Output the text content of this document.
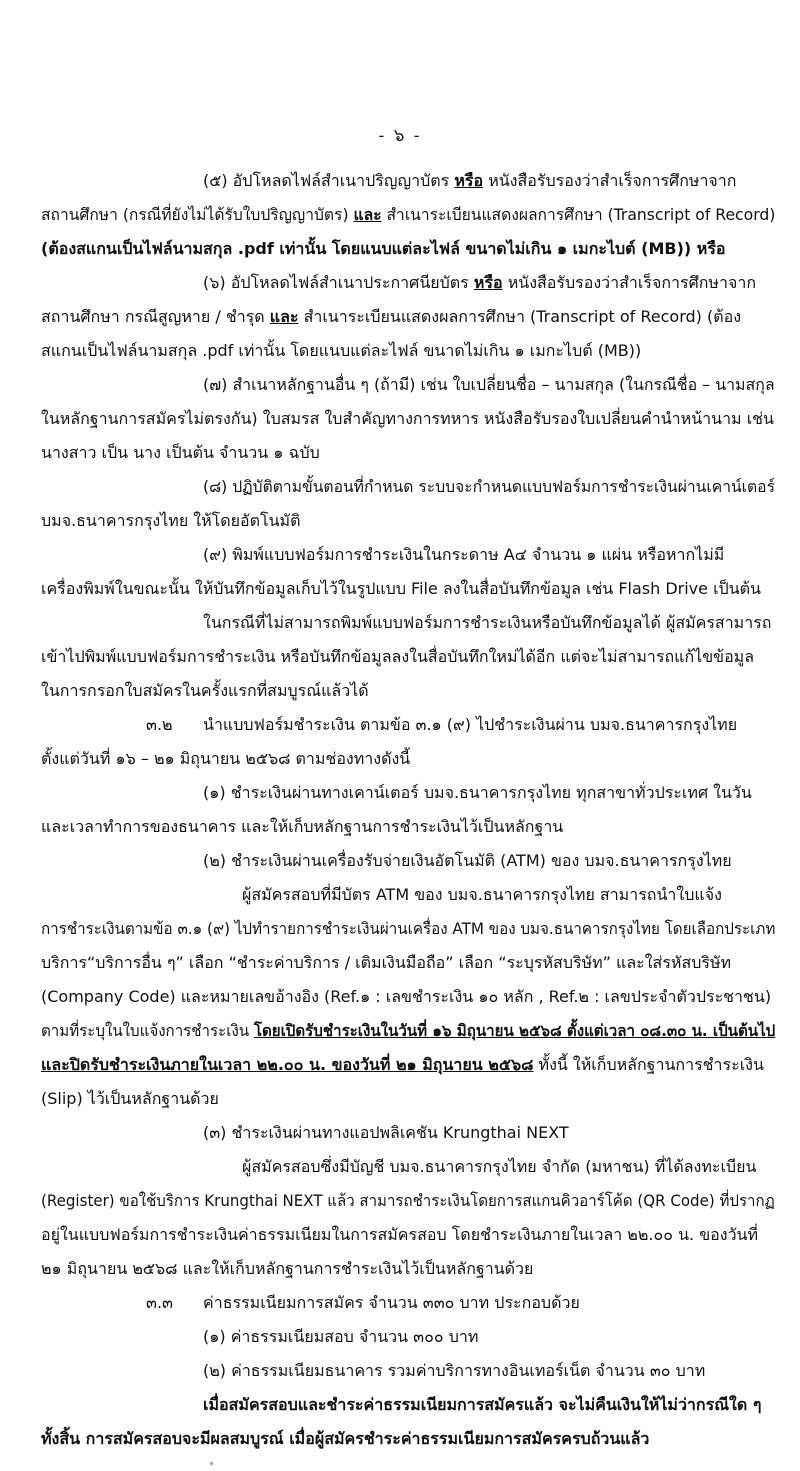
- ๖ -
(๕) อัปโหลดไฟล์สำเนาปริญญาบัตร หรือ หนังสือรับรองว่าสำเร็จการศึกษาจาก
สถานศึกษา (กรณีที่ยังไม่ได้รับใบปริญญาบัตร) และ สำเนาระเบียนแสดงผลการศึกษา (Transcript of Record)
(ต้องสแกนเป็นไฟล์นามสกุล .pdf เท่านั้น โดยแนบแต่ละไฟล์ ขนาดไม่เกิน ๑ เมกะไบต์ (MB)) หรือ
(๖) อัปโหลดไฟล์สำเนาประกาศนียบัตร หรือ หนังสือรับรองว่าสำเร็จการศึกษาจาก
สถานศึกษา กรณีสูญหาย / ชำรุด และ สำเนาระเบียนแสดงผลการศึกษา (Transcript of Record) (ต้อง
สแกนเป็นไฟล์นามสกุล .pdf เท่านั้น โดยแนบแต่ละไฟล์ ขนาดไม่เกิน ๑ เมกะไบต์ (MB))
(๗) สำเนาหลักฐานอื่น ๆ (ถ้ามี) เช่น ใบเปลี่ยนชื่อ – นามสกุล (ในกรณีชื่อ – นามสกุล
ในหลักฐานการสมัครไม่ตรงกัน) ใบสมรส ใบสำคัญทางการทหาร หนังสือรับรองใบเปลี่ยนคำนำหน้านาม เช่น
นางสาว เป็น นาง เป็นต้น จำนวน ๑ ฉบับ
(๘) ปฏิบัติตามขั้นตอนที่กำหนด ระบบจะกำหนดแบบฟอร์มการชำระเงินผ่านเคาน์เตอร์
บมจ.ธนาคารกรุงไทย ให้โดยอัตโนมัติ
(๙) พิมพ์แบบฟอร์มการชำระเงินในกระดาษ A๔ จำนวน ๑ แผ่น หรือหากไม่มี
เครื่องพิมพ์ในขณะนั้น ให้บันทึกข้อมูลเก็บไว้ในรูปแบบ File ลงในสื่อบันทึกข้อมูล เช่น Flash Drive เป็นต้น
ในกรณีที่ไม่สามารถพิมพ์แบบฟอร์มการชำระเงินหรือบันทึกข้อมูลได้ ผู้สมัครสามารถ
เข้าไปพิมพ์แบบฟอร์มการชำระเงิน หรือบันทึกข้อมูลลงในสื่อบันทึกใหม่ได้อีก แต่จะไม่สามารถแก้ไขข้อมูล
ในการกรอกใบสมัครในครั้งแรกที่สมบูรณ์แล้วได้
๓.๒ นำแบบฟอร์มชำระเงิน ตามข้อ ๓.๑ (๙) ไปชำระเงินผ่าน บมจ.ธนาคารกรุงไทย
ตั้งแต่วันที่ ๑๖ – ๒๑ มิถุนายน ๒๕๖๘ ตามช่องทางดังนี้
(๑) ชำระเงินผ่านทางเคาน์เตอร์ บมจ.ธนาคารกรุงไทย ทุกสาขาทั่วประเทศ ในวัน
และเวลาทำการของธนาคาร และให้เก็บหลักฐานการชำระเงินไว้เป็นหลักฐาน
(๒) ชำระเงินผ่านเครื่องรับจ่ายเงินอัตโนมัติ (ATM) ของ บมจ.ธนาคารกรุงไทย
ผู้สมัครสอบที่มีบัตร ATM ของ บมจ.ธนาคารกรุงไทย สามารถนำใบแจ้ง
การชำระเงินตามข้อ ๓.๑ (๙) ไปทำรายการชำระเงินผ่านเครื่อง ATM ของ บมจ.ธนาคารกรุงไทย โดยเลือกประเภท
บริการ“บริการอื่น ๆ” เลือก “ชำระค่าบริการ / เติมเงินมือถือ” เลือก “ระบุรหัสบริษัท” และใส่รหัสบริษัท
(Company Code) และหมายเลขอ้างอิง (Ref.๑ : เลขชำระเงิน ๑๐ หลัก , Ref.๒ : เลขประจำตัวประชาชน)
ตามที่ระบุในใบแจ้งการชำระเงิน โดยเปิดรับชำระเงินในวันที่ ๑๖ มิถุนายน ๒๕๖๘ ตั้งแต่เวลา ๐๘.๓๐ น. เป็นต้นไป
และปิดรับชำระเงินภายในเวลา ๒๒.๐๐ น. ของวันที่ ๒๑ มิถุนายน ๒๕๖๘ ทั้งนี้ ให้เก็บหลักฐานการชำระเงิน
(Slip) ไว้เป็นหลักฐานด้วย
(๓) ชำระเงินผ่านทางแอปพลิเคชัน Krungthai NEXT
ผู้สมัครสอบซึ่งมีบัญชี บมจ.ธนาคารกรุงไทย จำกัด (มหาชน) ที่ได้ลงทะเบียน
(Register) ขอใช้บริการ Krungthai NEXT แล้ว สามารถชำระเงินโดยการสแกนคิวอาร์โค้ด (QR Code) ที่ปรากฏ
อยู่ในแบบฟอร์มการชำระเงินค่าธรรมเนียมในการสมัครสอบ โดยชำระเงินภายในเวลา ๒๒.๐๐ น. ของวันที่
๒๑ มิถุนายน ๒๕๖๘ และให้เก็บหลักฐานการชำระเงินไว้เป็นหลักฐานด้วย
๓.๓ ค่าธรรมเนียมการสมัคร จำนวน ๓๓๐ บาท ประกอบด้วย
(๑) ค่าธรรมเนียมสอบ จำนวน ๓๐๐ บาท
(๒) ค่าธรรมเนียมธนาคาร รวมค่าบริการทางอินเทอร์เน็ต จำนวน ๓๐ บาท
เมื่อสมัครสอบและชำระค่าธรรมเนียมการสมัครแล้ว จะไม่คืนเงินให้ไม่ว่ากรณีใด ๆ
ทั้งสิ้น การสมัครสอบจะมีผลสมบูรณ์ เมื่อผู้สมัครชำระค่าธรรมเนียมการสมัครครบถ้วนแล้ว
